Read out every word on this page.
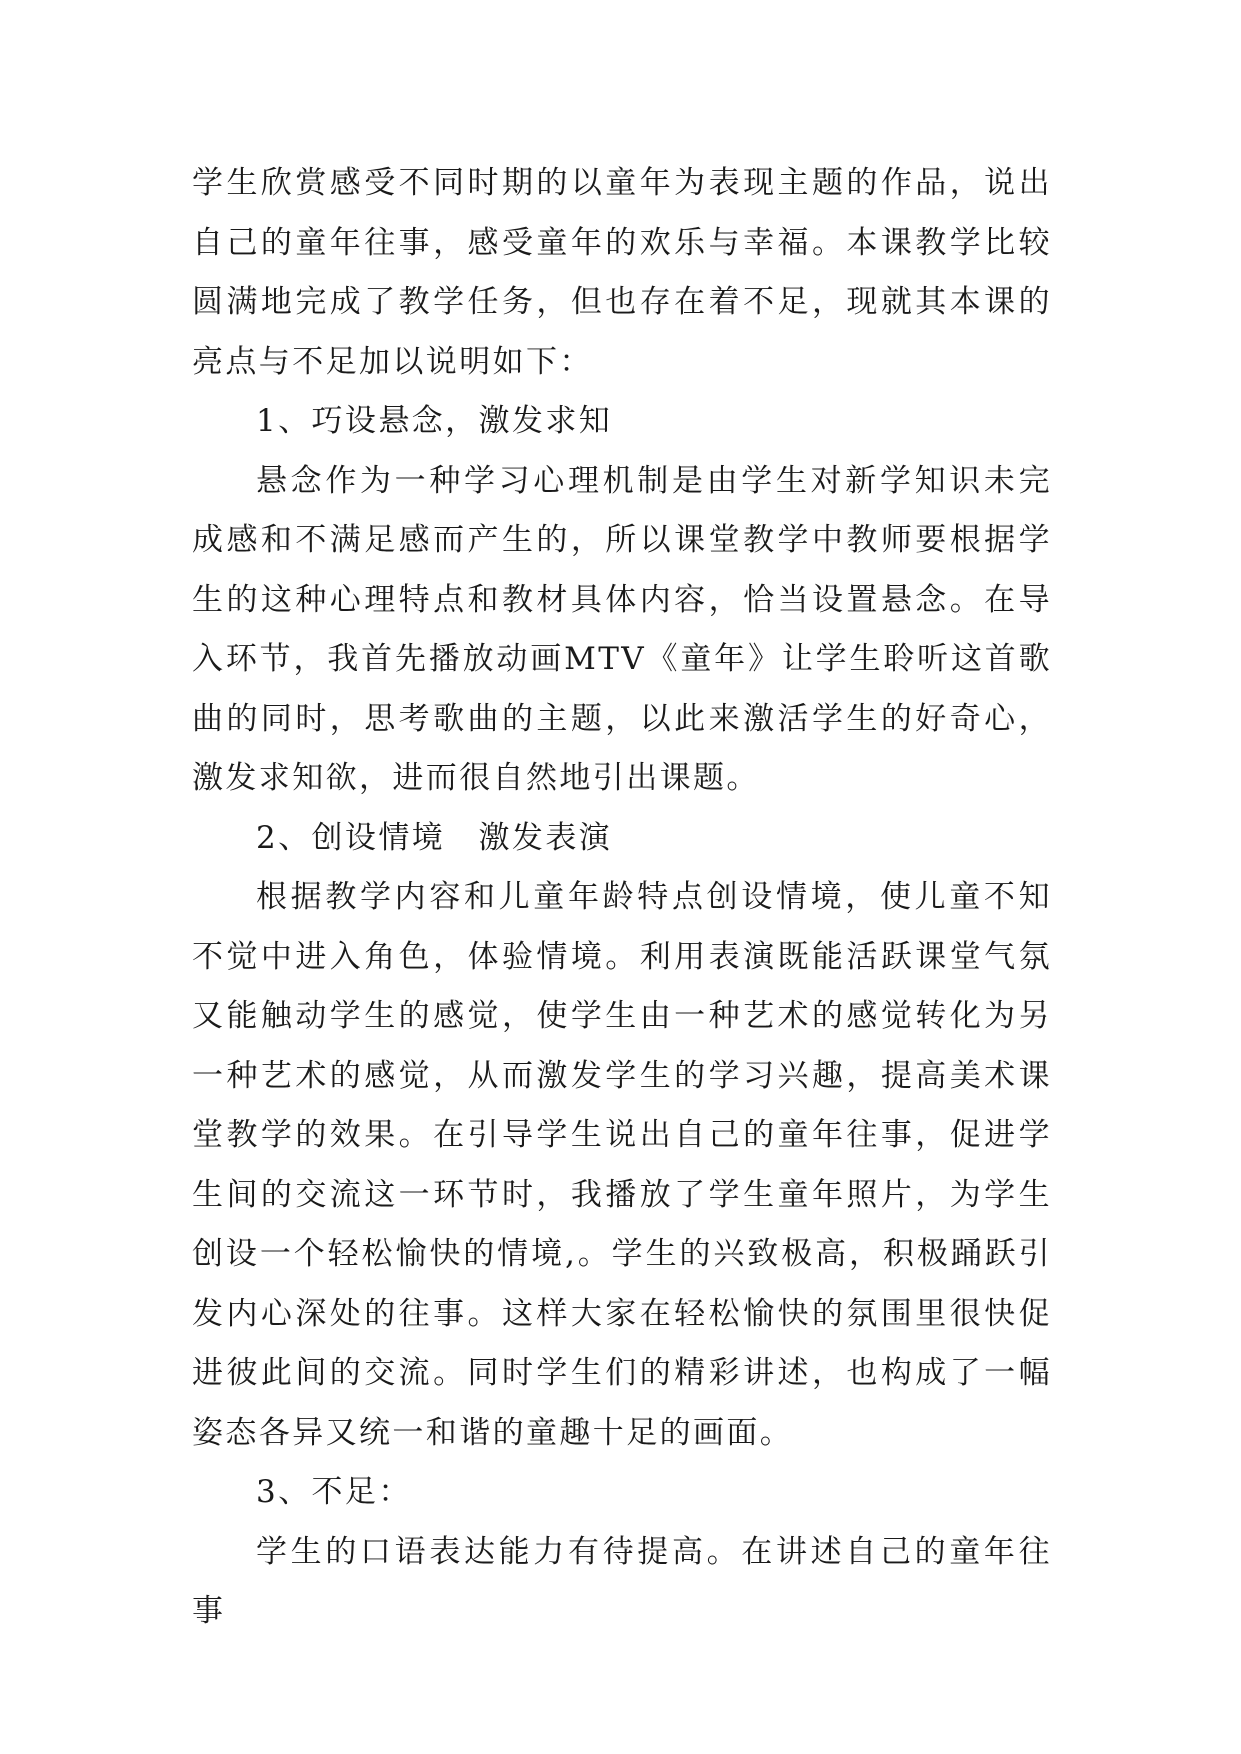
学生欣赏感受不同时期的以童年为表现主题的作品，说出自己的童年往事，感受童年的欢乐与幸福。本课教学比较圆满地完成了教学任务，但也存在着不足，现就其本课的亮点与不足加以说明如下：

1、巧设悬念，激发求知

悬念作为一种学习心理机制是由学生对新学知识未完成感和不满足感而产生的，所以课堂教学中教师要根据学生的这种心理特点和教材具体内容，恰当设置悬念。在导入环节，我首先播放动画MTV《童年》让学生聆听这首歌曲的同时，思考歌曲的主题，以此来激活学生的好奇心，激发求知欲，进而很自然地引出课题。

2、创设情境　激发表演

根据教学内容和儿童年龄特点创设情境，使儿童不知不觉中进入角色，体验情境。利用表演既能活跃课堂气氛又能触动学生的感觉，使学生由一种艺术的感觉转化为另一种艺术的感觉，从而激发学生的学习兴趣，提高美术课堂教学的效果。在引导学生说出自己的童年往事，促进学生间的交流这一环节时，我播放了学生童年照片，为学生创设一个轻松愉快的情境,。学生的兴致极高，积极踊跃引发内心深处的往事。这样大家在轻松愉快的氛围里很快促进彼此间的交流。同时学生们的精彩讲述，也构成了一幅姿态各异又统一和谐的童趣十足的画面。

3、不足：

学生的口语表达能力有待提高。在讲述自己的童年往事
